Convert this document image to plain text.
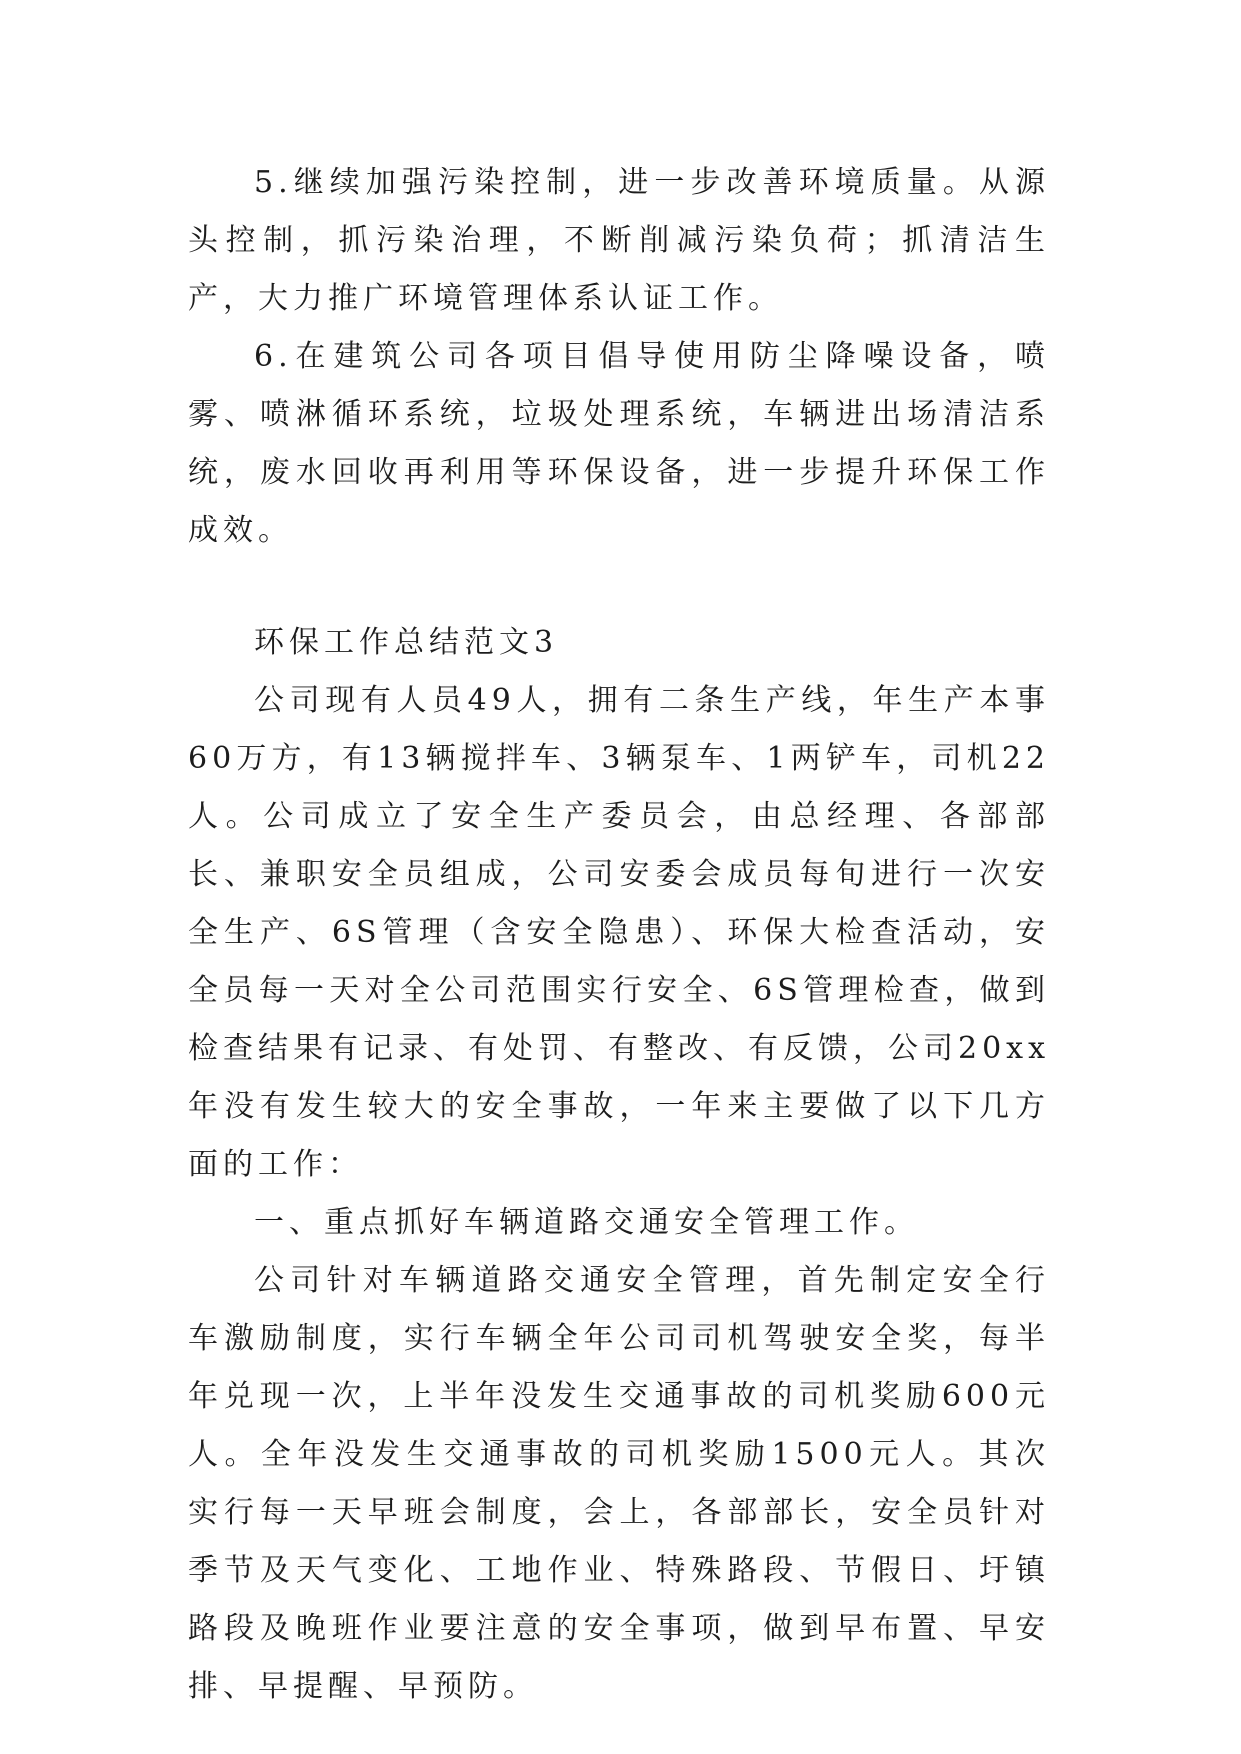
5.继续加强污染控制，进一步改善环境质量。从源头控制，抓污染治理，不断削减污染负荷；抓清洁生产，大力推广环境管理体系认证工作。

6.在建筑公司各项目倡导使用防尘降噪设备，喷雾、喷淋循环系统，垃圾处理系统，车辆进出场清洁系统，废水回收再利用等环保设备，进一步提升环保工作成效。

环保工作总结范文3

公司现有人员49人，拥有二条生产线，年生产本事60万方，有13辆搅拌车、3辆泵车、1两铲车，司机22人。公司成立了安全生产委员会，由总经理、各部部长、兼职安全员组成，公司安委会成员每旬进行一次安全生产、6S管理（含安全隐患）、环保大检查活动，安全员每一天对全公司范围实行安全、6S管理检查，做到检查结果有记录、有处罚、有整改、有反馈，公司20xx年没有发生较大的安全事故，一年来主要做了以下几方面的工作：

一、重点抓好车辆道路交通安全管理工作。

公司针对车辆道路交通安全管理，首先制定安全行车激励制度，实行车辆全年公司司机驾驶安全奖，每半年兑现一次，上半年没发生交通事故的司机奖励600元人。全年没发生交通事故的司机奖励1500元人。其次实行每一天早班会制度，会上，各部部长，安全员针对季节及天气变化、工地作业、特殊路段、节假日、圩镇路段及晚班作业要注意的安全事项，做到早布置、早安排、早提醒、早预防。
